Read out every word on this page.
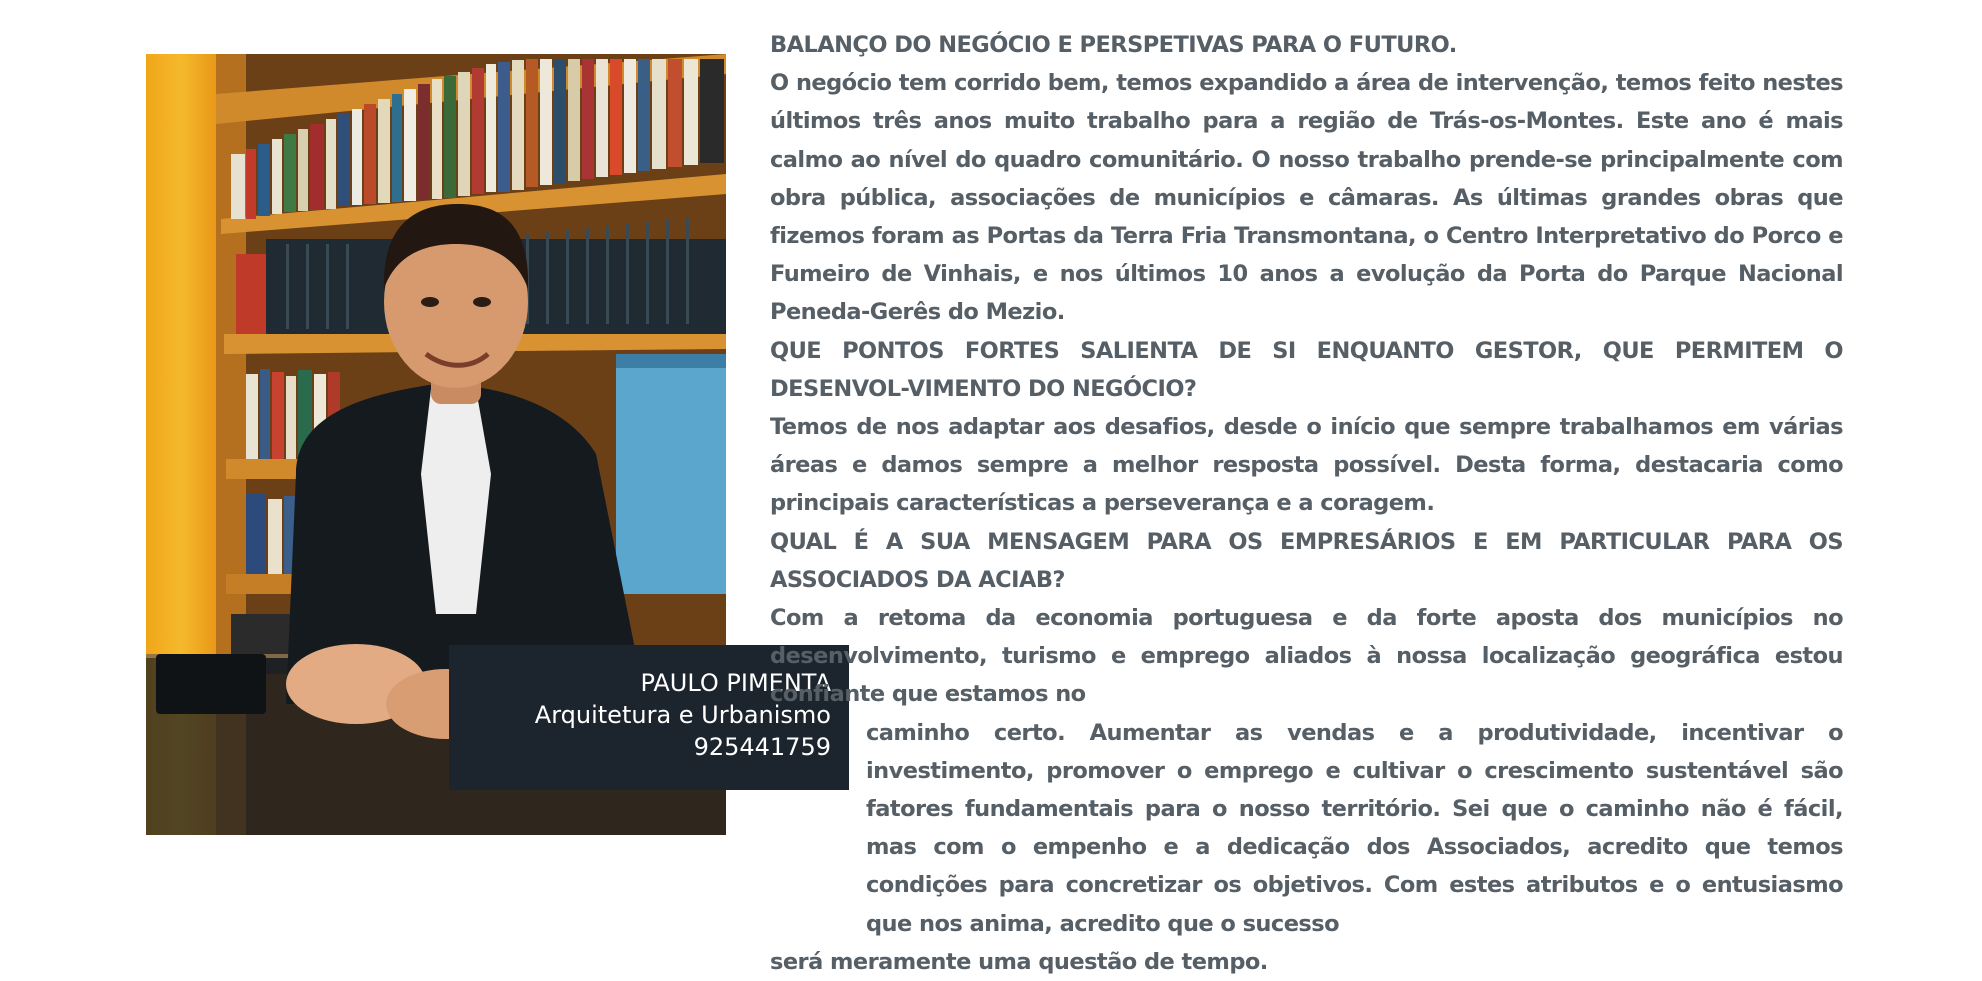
PAULO PIMENTA
Arquitetura e Urbanismo
925441759
BALANÇO DO NEGÓCIO E PERSPETIVAS PARA O FUTURO.

O negócio tem corrido bem, temos expandido a área de intervenção, temos feito nestes últimos três anos muito trabalho para a região de Trás-os-Montes. Este ano é mais calmo ao nível do quadro comunitário. O nosso trabalho prende-se principalmente com obra pública, associações de municípios e câmaras. As últimas grandes obras que fizemos foram as Portas da Terra Fria Transmontana, o Centro Interpretativo do Porco e Fumeiro de Vinhais, e nos últimos 10 anos a evolução da Porta do Parque Nacional Peneda-Gerês do Mezio.

QUE PONTOS FORTES SALIENTA DE SI ENQUANTO GESTOR, QUE PERMITEM O DESENVOL-VIMENTO DO NEGÓCIO?

Temos de nos adaptar aos desafios, desde o início que sempre trabalhamos em várias áreas e damos sempre a melhor resposta possível. Desta forma, destacaria como principais características a perseverança e a coragem.

QUAL É A SUA MENSAGEM PARA OS EMPRESÁRIOS E EM PARTICULAR PARA OS ASSOCIADOS DA ACIAB?

Com a retoma da economia portuguesa e da forte aposta dos municípios no desenvolvimento, turismo e emprego aliados à nossa localização geográfica estou confiante que estamos no

caminho certo. Aumentar as vendas e a produtividade, incentivar o investimento, promover o emprego e cultivar o crescimento sustentável são fatores fundamentais para o nosso território. Sei que o caminho não é fácil, mas com o empenho e a dedicação dos Associados, acredito que temos condições para concretizar os objetivos. Com estes atributos e o entusiasmo que nos anima, acredito que o sucesso

será meramente uma questão de tempo.
